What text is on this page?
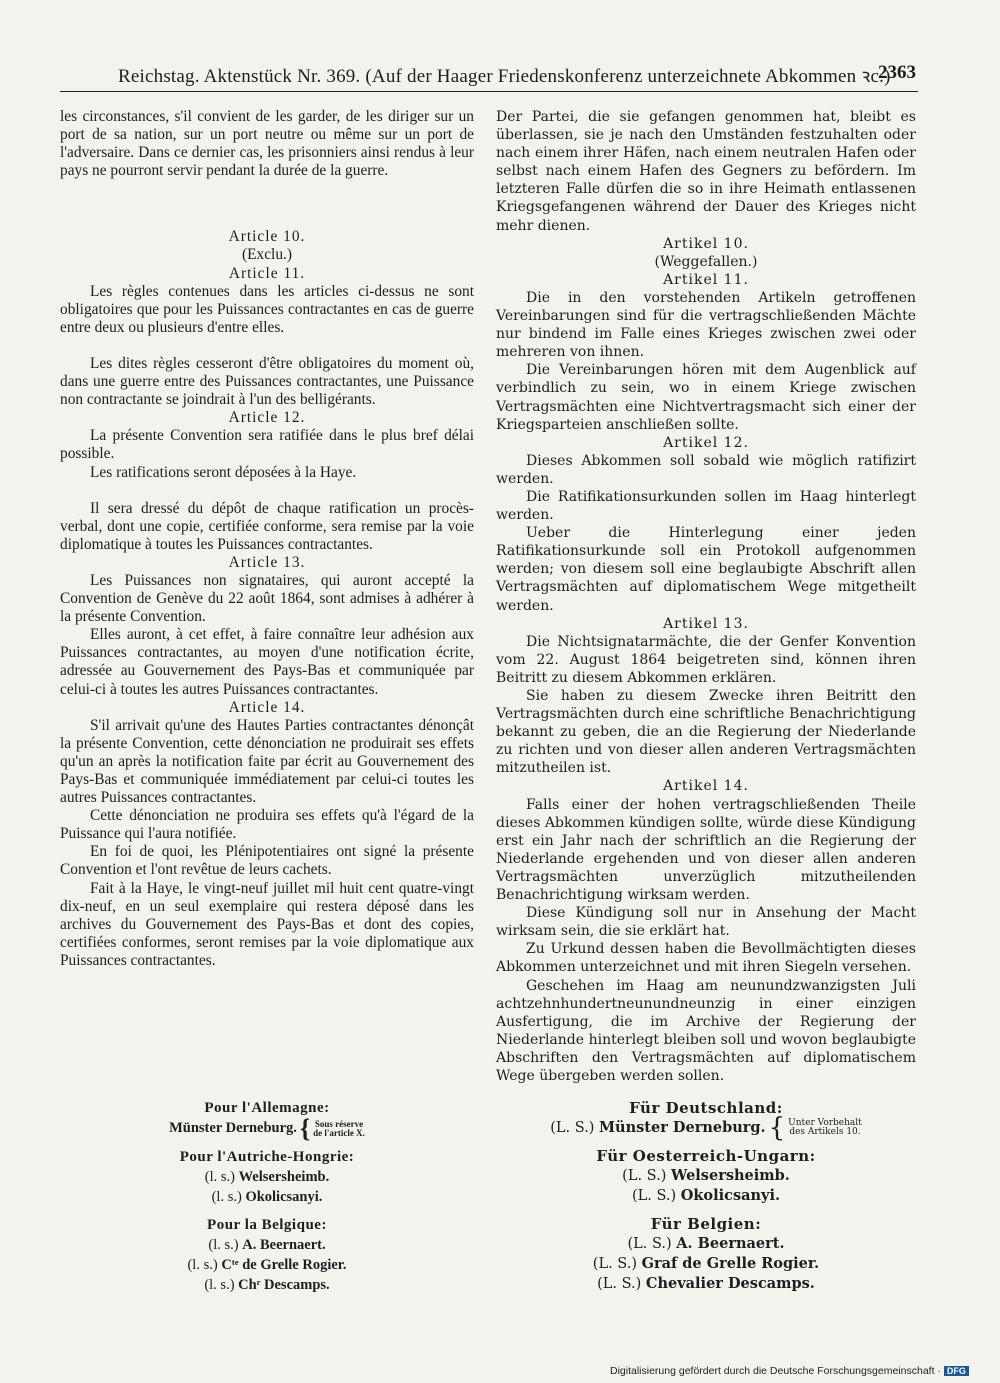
Reichstag. Aktenstück Nr. 369. (Auf der Haager Friedenskonferenz unterzeichnete Abkommen ꝛc.)
2363

les circonstances, s'il convient de les garder, de les diriger sur un port de sa nation, sur un port neutre ou même sur un port de l'adversaire. Dans ce dernier cas, les prisonniers ainsi rendus à leur pays ne pourront servir pendant la durée de la guerre.

Article 10.

(Exclu.)

Article 11.

Les règles contenues dans les articles ci-dessus ne sont obligatoires que pour les Puissances contractantes en cas de guerre entre deux ou plusieurs d'entre elles.

Les dites règles cesseront d'être obligatoires du moment où, dans une guerre entre des Puissances contractantes, une Puissance non contractante se joindrait à l'un des belligérants.

Article 12.

La présente Convention sera ratifiée dans le plus bref délai possible.

Les ratifications seront déposées à la Haye.

Il sera dressé du dépôt de chaque ratification un procès-verbal, dont une copie, certifiée conforme, sera remise par la voie diplomatique à toutes les Puissances contractantes.

Article 13.

Les Puissances non signataires, qui auront accepté la Convention de Genève du 22 août 1864, sont admises à adhérer à la présente Convention.

Elles auront, à cet effet, à faire connaître leur adhésion aux Puissances contractantes, au moyen d'une notification écrite, adressée au Gouvernement des Pays-Bas et communiquée par celui-ci à toutes les autres Puissances contractantes.

Article 14.

S'il arrivait qu'une des Hautes Parties contractantes dénonçât la présente Convention, cette dénonciation ne produirait ses effets qu'un an après la notification faite par écrit au Gouvernement des Pays-Bas et communiquée immédiatement par celui-ci toutes les autres Puissances contractantes.

Cette dénonciation ne produira ses effets qu'à l'égard de la Puissance qui l'aura notifiée.

En foi de quoi, les Plénipotentiaires ont signé la présente Convention et l'ont revêtue de leurs cachets.

Fait à la Haye, le vingt-neuf juillet mil huit cent quatre-vingt dix-neuf, en un seul exemplaire qui restera déposé dans les archives du Gouvernement des Pays-Bas et dont des copies, certifiées conformes, seront remises par la voie diplomatique aux Puissances contractantes.

Der Partei, die sie gefangen genommen hat, bleibt es überlassen, sie je nach den Umständen festzuhalten oder nach einem ihrer Häfen, nach einem neutralen Hafen oder selbst nach einem Hafen des Gegners zu befördern. Im letzteren Falle dürfen die so in ihre Heimath entlassenen Kriegsgefangenen während der Dauer des Krieges nicht mehr dienen.

Artikel 10.

(Weggefallen.)

Artikel 11.

Die in den vorstehenden Artikeln getroffenen Vereinbarungen sind für die vertragschließenden Mächte nur bindend im Falle eines Krieges zwischen zwei oder mehreren von ihnen.

Die Vereinbarungen hören mit dem Augenblick auf verbindlich zu sein, wo in einem Kriege zwischen Vertragsmächten eine Nichtvertragsmacht sich einer der Kriegsparteien anschließen sollte.

Artikel 12.

Dieses Abkommen soll sobald wie möglich ratifizirt werden.

Die Ratifikationsurkunden sollen im Haag hinterlegt werden.

Ueber die Hinterlegung einer jeden Ratifikationsurkunde soll ein Protokoll aufgenommen werden; von diesem soll eine beglaubigte Abschrift allen Vertragsmächten auf diplomatischem Wege mitgetheilt werden.

Artikel 13.

Die Nichtsignatarmächte, die der Genfer Konvention vom 22. August 1864 beigetreten sind, können ihren Beitritt zu diesem Abkommen erklären.

Sie haben zu diesem Zwecke ihren Beitritt den Vertragsmächten durch eine schriftliche Benachrichtigung bekannt zu geben, die an die Regierung der Niederlande zu richten und von dieser allen anderen Vertragsmächten mitzutheilen ist.

Artikel 14.

Falls einer der hohen vertragschließenden Theile dieses Abkommen kündigen sollte, würde diese Kündigung erst ein Jahr nach der schriftlich an die Regierung der Niederlande ergehenden und von dieser allen anderen Vertragsmächten unverzüglich mitzutheilenden Benachrichtigung wirksam werden.

Diese Kündigung soll nur in Ansehung der Macht wirksam sein, die sie erklärt hat.

Zu Urkund dessen haben die Bevollmächtigten dieses Abkommen unterzeichnet und mit ihren Siegeln versehen.

Geschehen im Haag am neunundzwanzigsten Juli achtzehnhundertneunundneunzig in einer einzigen Ausfertigung, die im Archive der Regierung der Niederlande hinterlegt bleiben soll und wovon beglaubigte Abschriften den Vertragsmächten auf diplomatischem Wege übergeben werden sollen.

Pour l'Allemagne:

Münster Derneburg. { Sous réserve
de l'article X.

Pour l'Autriche-Hongrie:

(l. s.) Welsersheimb.

(l. s.) Okolicsanyi.

Pour la Belgique:

(l. s.) A. Beernaert.

(l. s.) Cᵗᵉ de Grelle Rogier.

(l. s.) Chʳ Descamps.

Für Deutschland:

(L. S.) Münster Derneburg. { Unter Vorbehalt
des Artikels 10.

Für Oesterreich-Ungarn:

(L. S.) Welsersheimb.

(L. S.) Okolicsanyi.

Für Belgien:

(L. S.) A. Beernaert.

(L. S.) Graf de Grelle Rogier.

(L. S.) Chevalier Descamps.

Digitalisierung gefördert durch die Deutsche Forschungsgemeinschaft · DFG
